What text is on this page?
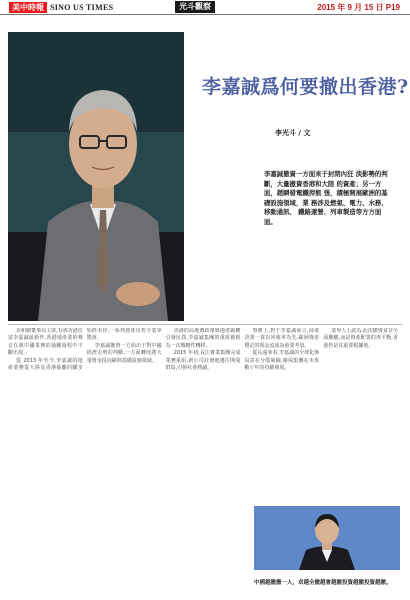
美中時報 SINO US TIMES	光斗觀察	2015 年 9 月 15 日 P19
李嘉誠爲何要撤出香港?
李光斗 / 文
李嘉誠撤資一方面來于封閉內狂 淡影勢的判斷，大量撤資香港和大陸 的資產；另一方面，趙瞬發電鐵捍熊 張，積極開展歐洲的基礎設施領域，業 務涉及燃氣、電力、水務、移動通訊、 鐵路運營、列車製造等方方面面。

百和樹董事局主席,有那香港首富李嘉誠最新作,香港地產業的聲音在與中國業務的抽離過程中不斷出現。

從 2013 年至今,李嘉誠的地產業務從大陸及香港抽離的腳步始終未停,一系列資產出售令業界驚訝。

李嘉誠撤資一方面出于對中國經濟走勢的判斷,一方面轉而將大量資金投向歐洲基礎設施領域。

香港的高地價政策與地產霸權引發民怨,李嘉誠集團的重組被視為一次戰略性轉移。

2015 年初,長江實業集團完成業務重組,新公司註冊地遷往開曼群島,引發社會熱議。

事實上,對于李嘉誠而言,商業決策一貫以回報率為先,歐洲資產穩定的現金流成為重要考量。

從長遠來看,李嘉誠的全球化佈局意在分散風險,確保集團在未來數十年的持續發展。

業界人士認為,此次撤資並非全面撤離,而是資產配置的再平衡,香港仍是其重要根據地。

中國越撤撤一人，卓越全撤越會越撤投資越撤投資越撤。
